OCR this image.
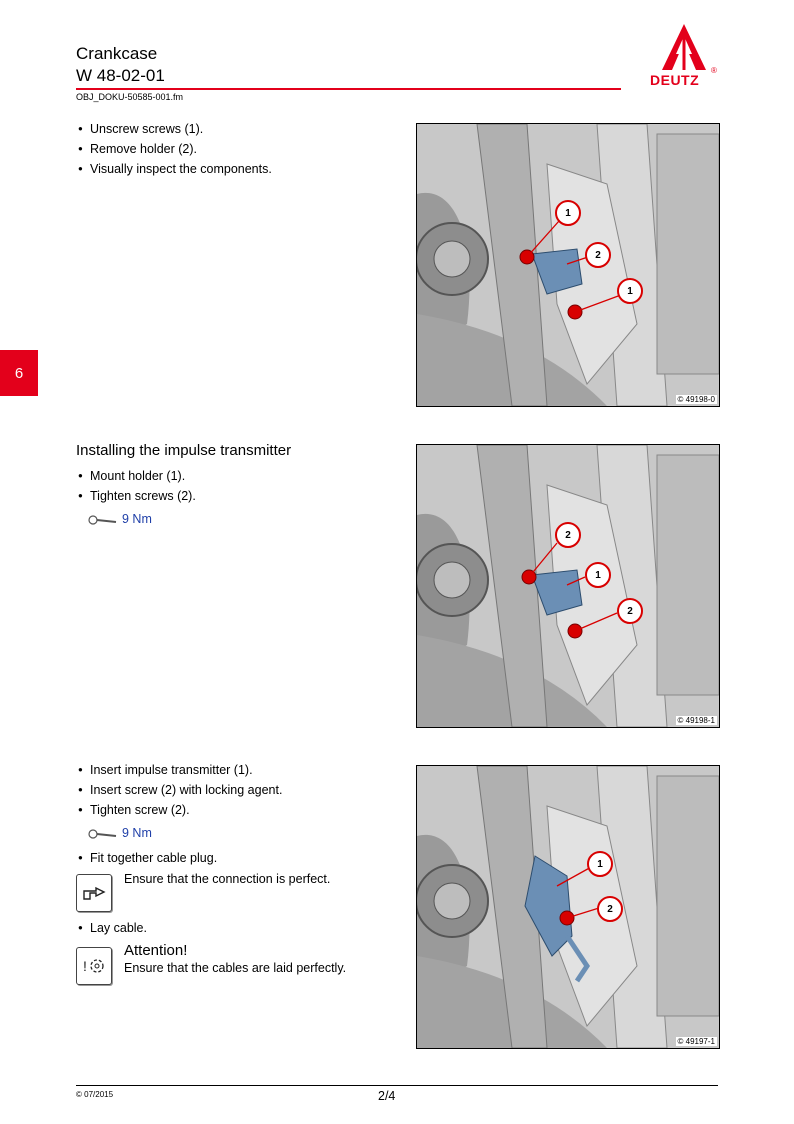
Crankcase
W 48-02-01
OBJ_DOKU-50585-001.fm
DEUTZ
®
6
● Unscrew screws (1).
● Remove holder (2).
● Visually inspect the components.
1
2
1
© 49198-0
Installing the impulse transmitter
● Mount holder (1).
● Tighten screws (2).
9 Nm
2
1
2
© 49198-1
● Insert impulse transmitter (1).
● Insert screw (2) with locking agent.
● Tighten screw (2).
9 Nm
● Fit together cable plug.
Ensure that the connection is perfect.
● Lay cable.
!
Attention!
Ensure that the cables are laid perfectly.
1
2
© 49197-1
© 07/2015	2/4
